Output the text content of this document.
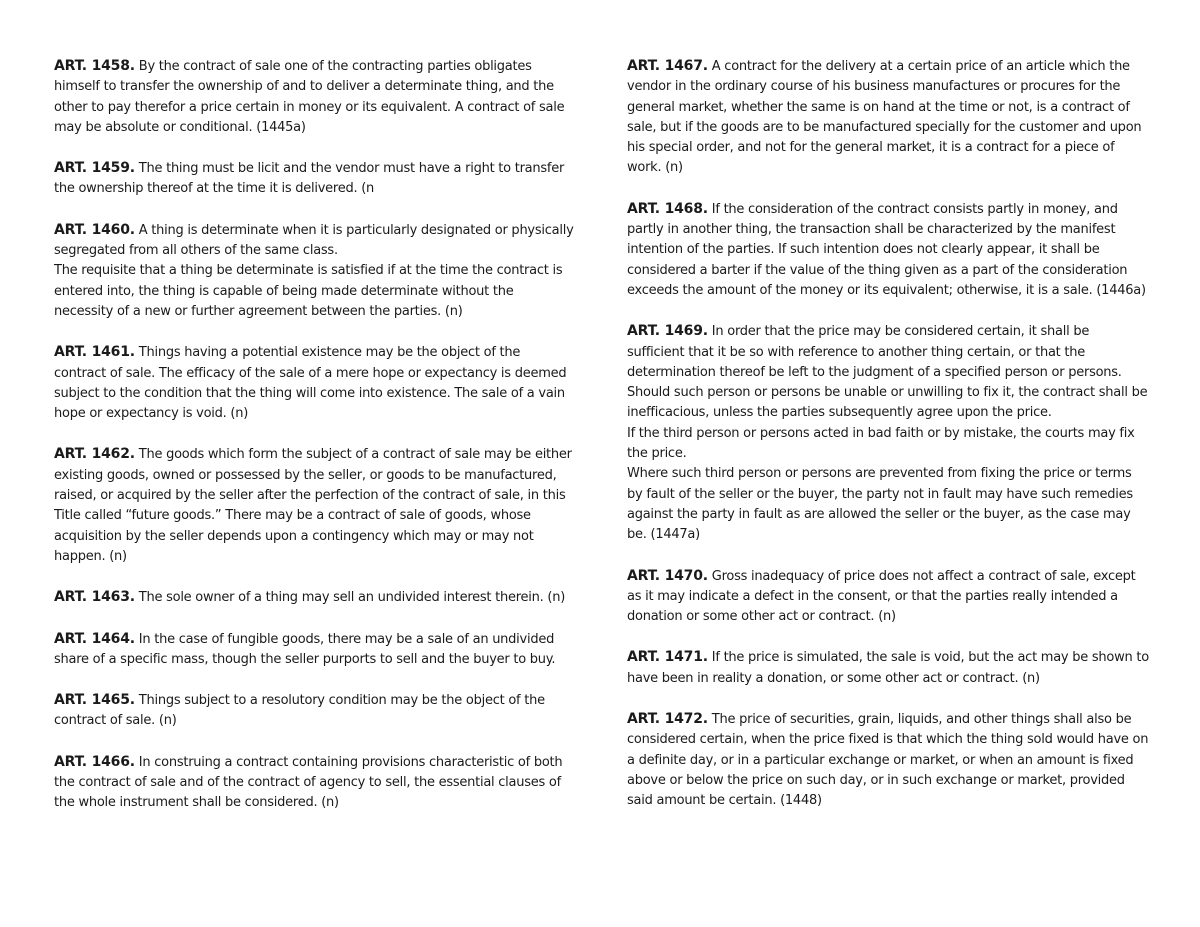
ART. 1458. By the contract of sale one of the contracting parties obligates himself to transfer the ownership of and to deliver a determinate thing, and the other to pay therefor a price certain in money or its equivalent. A contract of sale may be absolute or conditional. (1445a)

ART. 1459. The thing must be licit and the vendor must have a right to transfer the ownership thereof at the time it is delivered. (n

ART. 1460. A thing is determinate when it is particularly designated or physically segregated from all others of the same class.

The requisite that a thing be determinate is satisfied if at the time the contract is entered into, the thing is capable of being made determinate without the necessity of a new or further agreement between the parties. (n)

ART. 1461. Things having a potential existence may be the object of the contract of sale. The efficacy of the sale of a mere hope or expectancy is deemed subject to the condition that the thing will come into existence. The sale of a vain hope or expectancy is void. (n)

ART. 1462. The goods which form the subject of a contract of sale may be either existing goods, owned or possessed by the seller, or goods to be manufactured, raised, or acquired by the seller after the perfection of the contract of sale, in this Title called “future goods.” There may be a contract of sale of goods, whose acquisition by the seller depends upon a contingency which may or may not happen. (n)

ART. 1463. The sole owner of a thing may sell an undivided interest therein. (n)

ART. 1464. In the case of fungible goods, there may be a sale of an undivided share of a specific mass, though the seller purports to sell and the buyer to buy.

ART. 1465. Things subject to a resolutory condition may be the object of the contract of sale. (n)

ART. 1466. In construing a contract containing provisions characteristic of both the contract of sale and of the contract of agency to sell, the essential clauses of the whole instrument shall be considered. (n)

ART. 1467. A contract for the delivery at a certain price of an article which the vendor in the ordinary course of his business manufactures or procures for the general market, whether the same is on hand at the time or not, is a contract of sale, but if the goods are to be manufactured specially for the customer and upon his special order, and not for the general market, it is a contract for a piece of work. (n)

ART. 1468. If the consideration of the contract consists partly in money, and partly in another thing, the transaction shall be characterized by the manifest intention of the parties. If such intention does not clearly appear, it shall be considered a barter if the value of the thing given as a part of the consideration exceeds the amount of the money or its equivalent; otherwise, it is a sale. (1446a)

ART. 1469. In order that the price may be considered certain, it shall be sufficient that it be so with reference to another thing certain, or that the determination thereof be left to the judgment of a specified person or persons.

Should such person or persons be unable or unwilling to fix it, the contract shall be inefficacious, unless the parties subsequently agree upon the price.

If the third person or persons acted in bad faith or by mistake, the courts may fix the price.

Where such third person or persons are prevented from fixing the price or terms by fault of the seller or the buyer, the party not in fault may have such remedies against the party in fault as are allowed the seller or the buyer, as the case may be. (1447a)

ART. 1470. Gross inadequacy of price does not affect a contract of sale, except as it may indicate a defect in the consent, or that the parties really intended a donation or some other act or contract. (n)

ART. 1471. If the price is simulated, the sale is void, but the act may be shown to have been in reality a donation, or some other act or contract. (n)

ART. 1472. The price of securities, grain, liquids, and other things shall also be considered certain, when the price fixed is that which the thing sold would have on a definite day, or in a particular exchange or market, or when an amount is fixed above or below the price on such day, or in such exchange or market, provided said amount be certain. (1448)
